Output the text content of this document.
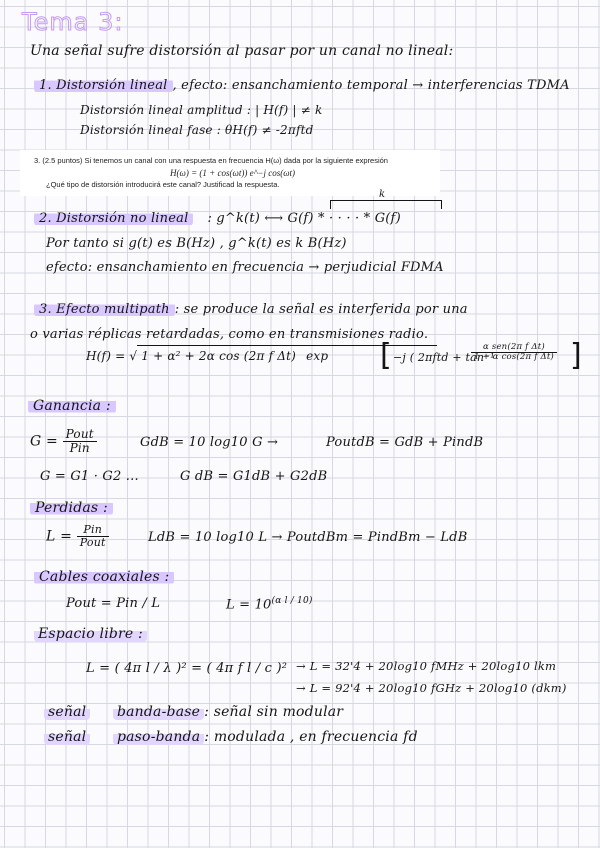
Tema 3:
Una señal sufre distorsión al pasar por un canal no lineal:
1. Distorsión lineal , efecto: ensanchamiento temporal → interferencias TDMA
Distorsión lineal amplitud : | H(f) | ≠ k
Distorsión lineal fase : θH(f) ≠ -2πftd
3. (2.5 puntos) Si tenemos un canal con una respuesta en frecuencia H(ω) dada por la siguiente expresión
H(ω) = (1 + cos(ωt)) e^−j cos(ωt)
¿Qué tipo de distorsión introducirá este canal? Justificad la respuesta.
k
2. Distorsión no lineal : g^k(t) ⟷ G(f) * · · · · * G(f)
Por tanto si g(t) es B(Hz) , g^k(t) es k B(Hz)
efecto: ensanchamiento en frecuencia → perjudicial FDMA
3. Efecto multipath : se produce la señal es interferida por una
o varias réplicas retardadas, como en transmisiones radio.
H(f) = √ 1 + α² + 2α cos (2π f Δt) exp [ −j ( 2πftd + tan⁻¹
$\frac{\text{α sen(2π f Δt)}}{\text{1 + α cos(2π f Δt)}}$ ]
Ganancia :
$G = \frac{\text{Pout}}{\text{Pin}}$	GdB = 10 log10 G →	PoutdB = GdB + PindB
G = G1 · G2 ...	G dB = G1dB + G2dB
Perdidas :
$L = \frac{\text{Pin}}{\text{Pout}}$	LdB = 10 log10 L → PoutdBm = PindBm − LdB
Cables coaxiales :
Pout = Pin / L	$L = 10^{(\alpha l / 10)}$
Espacio libre :
L = ( 4π l / λ )² = ( 4π f l / c )² → L = 32'4 + 20log10 fMHz + 20log10 lkm
→ L = 92'4 + 20log10 fGHz + 20log10 (dkm)
señal banda-base : señal sin modular
señal paso-banda : modulada , en frecuencia fd
